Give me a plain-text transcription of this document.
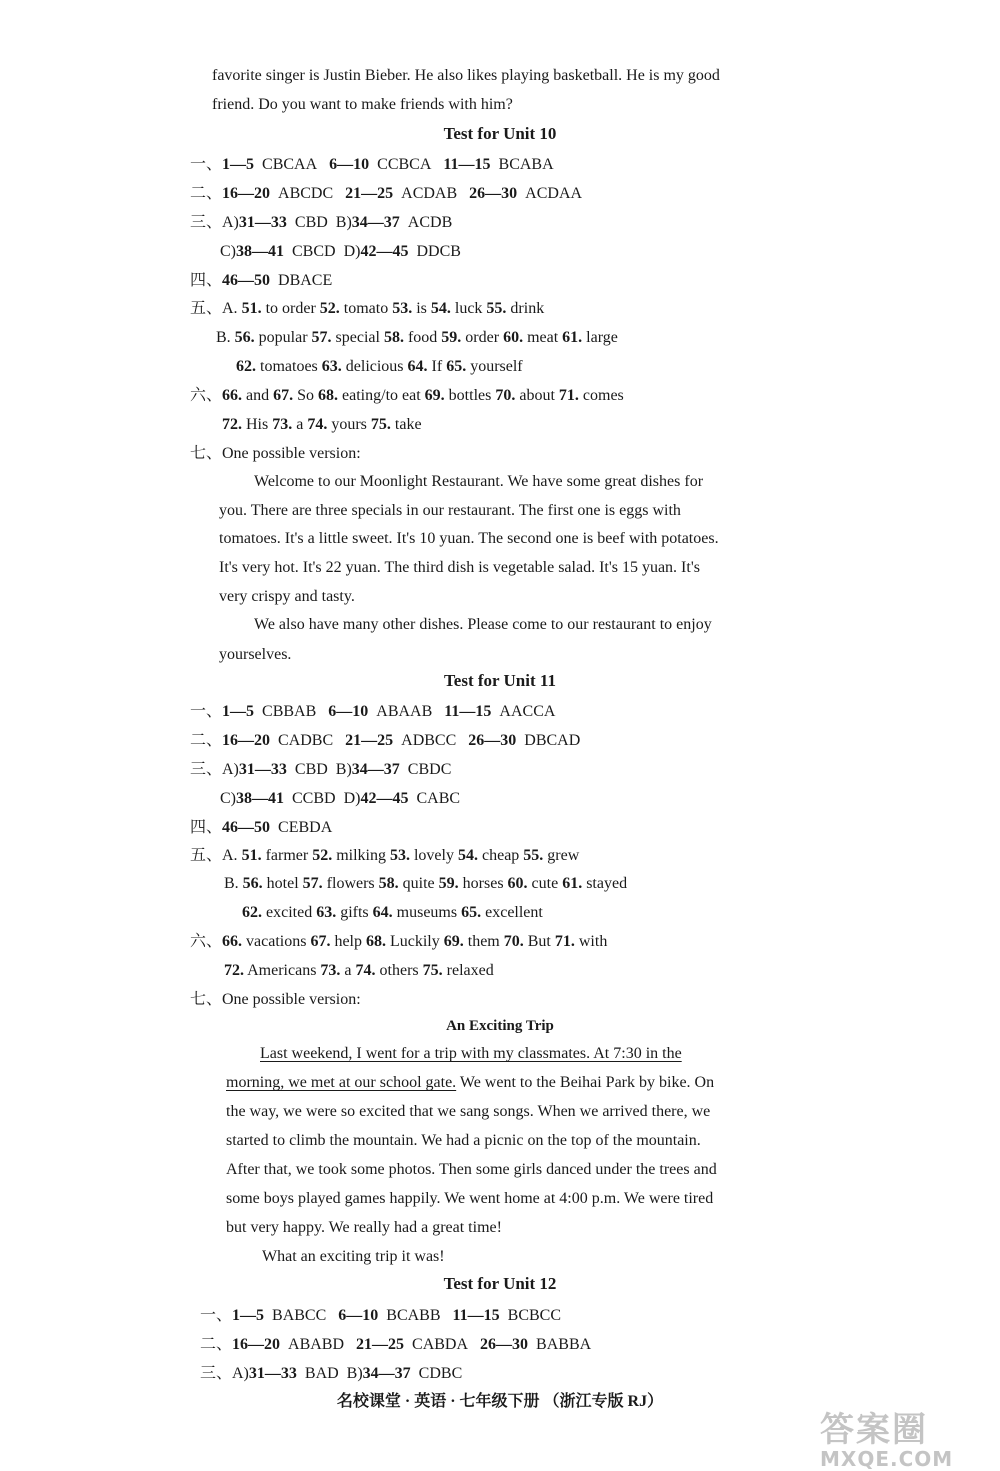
favorite singer is Justin Bieber. He also likes playing basketball. He is my good
friend. Do you want to make friends with him?
Test for Unit 10
一、1—5 CBCAA 6—10 CCBCA 11—15 BCABA
二、16—20 ABCDC 21—25 ACDAB 26—30 ACDAA
三、A)31—33 CBD B)34—37 ACDB
C)38—41 CBCD D)42—45 DDCB
四、46—50 DBACE
五、A. 51. to order 52. tomato 53. is 54. luck 55. drink
B. 56. popular 57. special 58. food 59. order 60. meat 61. large
62. tomatoes 63. delicious 64. If 65. yourself
六、66. and 67. So 68. eating/to eat 69. bottles 70. about 71. comes
72. His 73. a 74. yours 75. take
七、One possible version:
Welcome to our Moonlight Restaurant. We have some great dishes for
you. There are three specials in our restaurant. The first one is eggs with
tomatoes. It's a little sweet. It's 10 yuan. The second one is beef with potatoes.
It's very hot. It's 22 yuan. The third dish is vegetable salad. It's 15 yuan. It's
very crispy and tasty.
We also have many other dishes. Please come to our restaurant to enjoy
yourselves.
Test for Unit 11
一、1—5 CBBAB 6—10 ABAAB 11—15 AACCA
二、16—20 CADBC 21—25 ADBCC 26—30 DBCAD
三、A)31—33 CBD B)34—37 CBDC
C)38—41 CCBD D)42—45 CABC
四、46—50 CEBDA
五、A. 51. farmer 52. milking 53. lovely 54. cheap 55. grew
B. 56. hotel 57. flowers 58. quite 59. horses 60. cute 61. stayed
62. excited 63. gifts 64. museums 65. excellent
六、66. vacations 67. help 68. Luckily 69. them 70. But 71. with
72. Americans 73. a 74. others 75. relaxed
七、One possible version:
An Exciting Trip
Last weekend, I went for a trip with my classmates. At 7:30 in the
morning, we met at our school gate. We went to the Beihai Park by bike. On
the way, we were so excited that we sang songs. When we arrived there, we
started to climb the mountain. We had a picnic on the top of the mountain.
After that, we took some photos. Then some girls danced under the trees and
some boys played games happily. We went home at 4:00 p.m. We were tired
but very happy. We really had a great time!
What an exciting trip it was!
Test for Unit 12
一、1—5 BABCC 6—10 BCABB 11—15 BCBCC
二、16—20 ABABD 21—25 CABDA 26—30 BABBA
三、A)31—33 BAD B)34—37 CDBC
名校课堂 · 英语 · 七年级下册 （浙江专版 RJ）
答案圈
MXQE.COM
